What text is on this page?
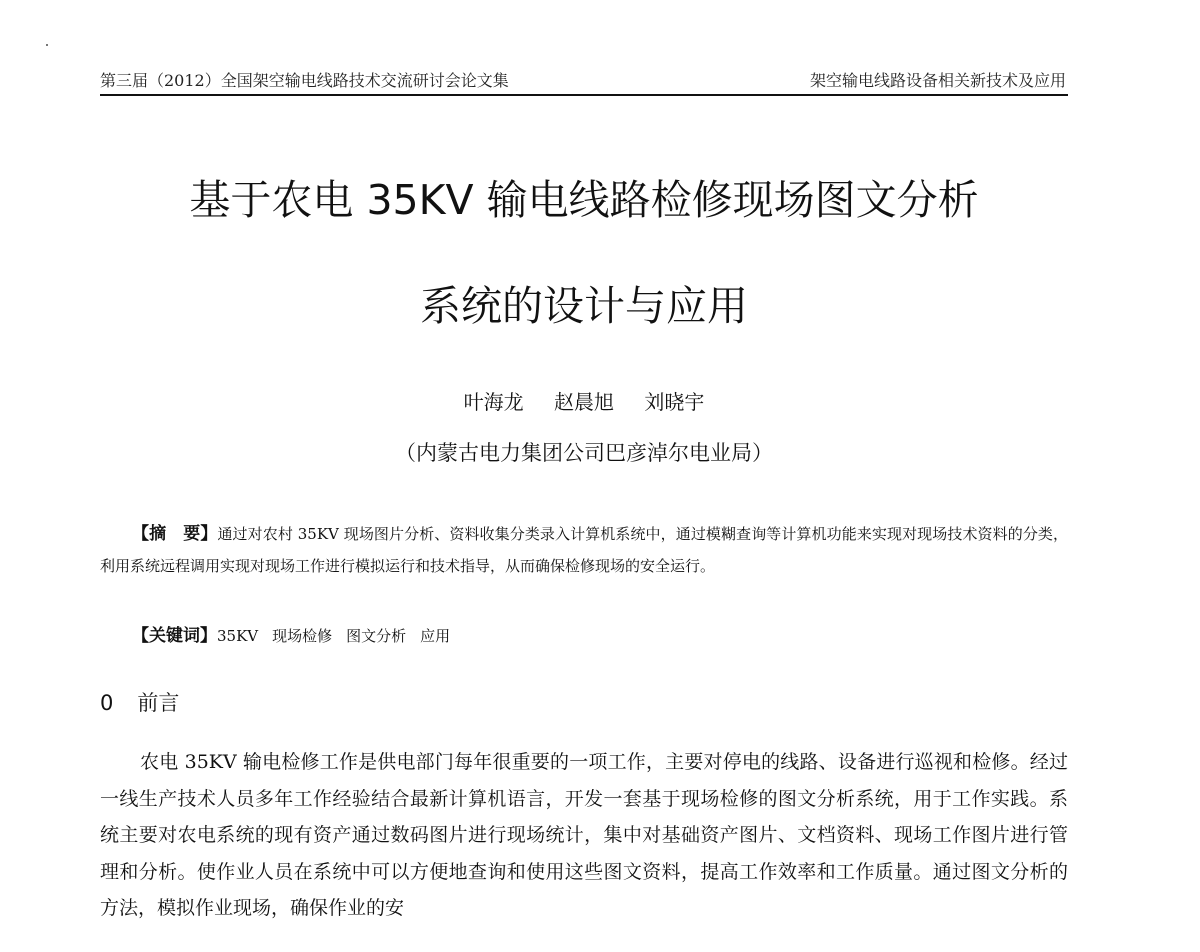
第三届（2012）全国架空输电线路技术交流研讨会论文集	架空输电线路设备相关新技术及应用
基于农电 35KV 输电线路检修现场图文分析
系统的设计与应用
叶海龙 赵晨旭 刘晓宇
（内蒙古电力集团公司巴彦淖尔电业局）

【摘　要】通过对农村 35KV 现场图片分析、资料收集分类录入计算机系统中，通过模糊查询等计算机功能来实现对现场技术资料的分类，利用系统远程调用实现对现场工作进行模拟运行和技术指导，从而确保检修现场的安全运行。

【关键词】35KV 现场检修 图文分析 应用

0 前言

农电 35KV 输电检修工作是供电部门每年很重要的一项工作，主要对停电的线路、设备进行巡视和检修。经过一线生产技术人员多年工作经验结合最新计算机语言，开发一套基于现场检修的图文分析系统，用于工作实践。系统主要对农电系统的现有资产通过数码图片进行现场统计，集中对基础资产图片、文档资料、现场工作图片进行管理和分析。使作业人员在系统中可以方便地查询和使用这些图文资料，提高工作效率和工作质量。通过图文分析的方法，模拟作业现场，确保作业的安
